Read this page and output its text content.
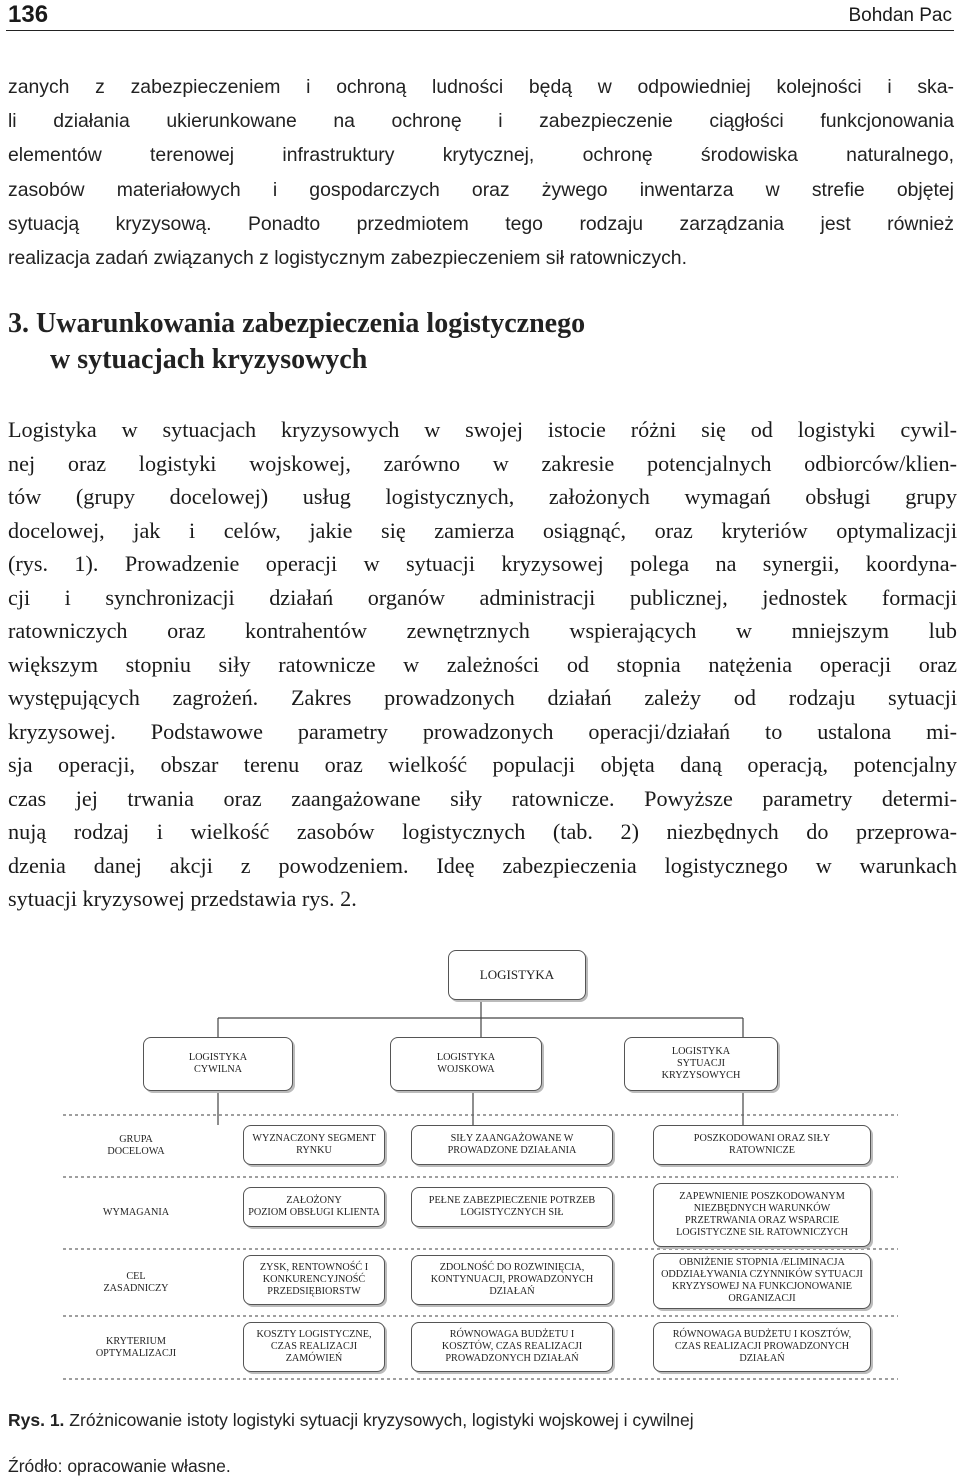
136	Bohdan Pac
zanych z zabezpieczeniem i ochroną ludności będą w odpowiedniej kolejności i ska-
li działania ukierunkowane na ochronę i zabezpieczenie ciągłości funkcjonowania
elementów terenowej infrastruktury krytycznej, ochronę środowiska naturalnego,
zasobów materiałowych i gospodarczych oraz żywego inwentarza w strefie objętej
sytuacją kryzysową. Ponadto przedmiotem tego rodzaju zarządzania jest również
realizacja zadań związanych z logistycznym zabezpieczeniem sił ratowniczych.
3. Uwarunkowania zabezpieczenia logistycznego
w sytuacjach kryzysowych
Logistyka w sytuacjach kryzysowych w swojej istocie różni się od logistyki cywil-
nej oraz logistyki wojskowej, zarówno w zakresie potencjalnych odbiorców/klien-
tów (grupy docelowej) usług logistycznych, założonych wymagań obsługi grupy
docelowej, jak i celów, jakie się zamierza osiągnąć, oraz kryteriów optymalizacji
(rys. 1). Prowadzenie operacji w sytuacji kryzysowej polega na synergii, koordyna-
cji i synchronizacji działań organów administracji publicznej, jednostek formacji
ratowniczych oraz kontrahentów zewnętrznych wspierających w mniejszym lub
większym stopniu siły ratownicze w zależności od stopnia natężenia operacji oraz
występujących zagrożeń. Zakres prowadzonych działań zależy od rodzaju sytuacji
kryzysowej. Podstawowe parametry prowadzonych operacji/działań to ustalona mi-
sja operacji, obszar terenu oraz wielkość populacji objęta daną operacją, potencjalny
czas jej trwania oraz zaangażowane siły ratownicze. Powyższe parametry determi-
nują rodzaj i wielkość zasobów logistycznych (tab. 2) niezbędnych do przeprowa-
dzenia danej akcji z powodzeniem. Ideę zabezpieczenia logistycznego w warunkach
sytuacji kryzysowej przedstawia rys. 2.
LOGISTYKA
LOGISTYKA
CYWILNA
LOGISTYKA
WOJSKOWA
LOGISTYKA
SYTUACJI
KRYZYSOWYCH
GRUPA
DOCELOWA
WYMAGANIA
CEL
ZASADNICZY
KRYTERIUM
OPTYMALIZACJI
WYZNACZONY SEGMENT
RYNKU
SIŁY ZAANGAŻOWANE W
PROWADZONE DZIAŁANIA
POSZKODOWANI ORAZ SIŁY
RATOWNICZE
ZAŁOŻONY
POZIOM OBSŁUGI KLIENTA
PEŁNE ZABEZPIECZENIE POTRZEB
LOGISTYCZNYCH SIŁ
ZAPEWNIENIE POSZKODOWANYM
NIEZBĘDNYCH WARUNKÓW
PRZETRWANIA ORAZ WSPARCIE
LOGISTYCZNE SIŁ RATOWNICZYCH
ZYSK, RENTOWNOŚĆ I
KONKURENCYJNOŚĆ
PRZEDSIĘBIORSTW
ZDOLNOŚĆ DO ROZWINIĘCIA,
KONTYNUACJI, PROWADZONYCH
DZIAŁAŃ
OBNIŻENIE STOPNIA /ELIMINACJA
ODDZIAŁYWANIA CZYNNIKÓW SYTUACJI
KRYZYSOWEJ NA FUNKCJONOWANIE
ORGANIZACJI
KOSZTY LOGISTYCZNE,
CZAS REALIZACJI
ZAMÓWIEŃ
RÓWNOWAGA BUDŻETU I
KOSZTÓW, CZAS REALIZACJI
PROWADZONYCH DZIAŁAŃ
RÓWNOWAGA BUDŻETU I KOSZTÓW,
CZAS REALIZACJI PROWADZONYCH
DZIAŁAŃ
Rys. 1. Zróżnicowanie istoty logistyki sytuacji kryzysowych, logistyki wojskowej i cywilnej
Źródło: opracowanie własne.
